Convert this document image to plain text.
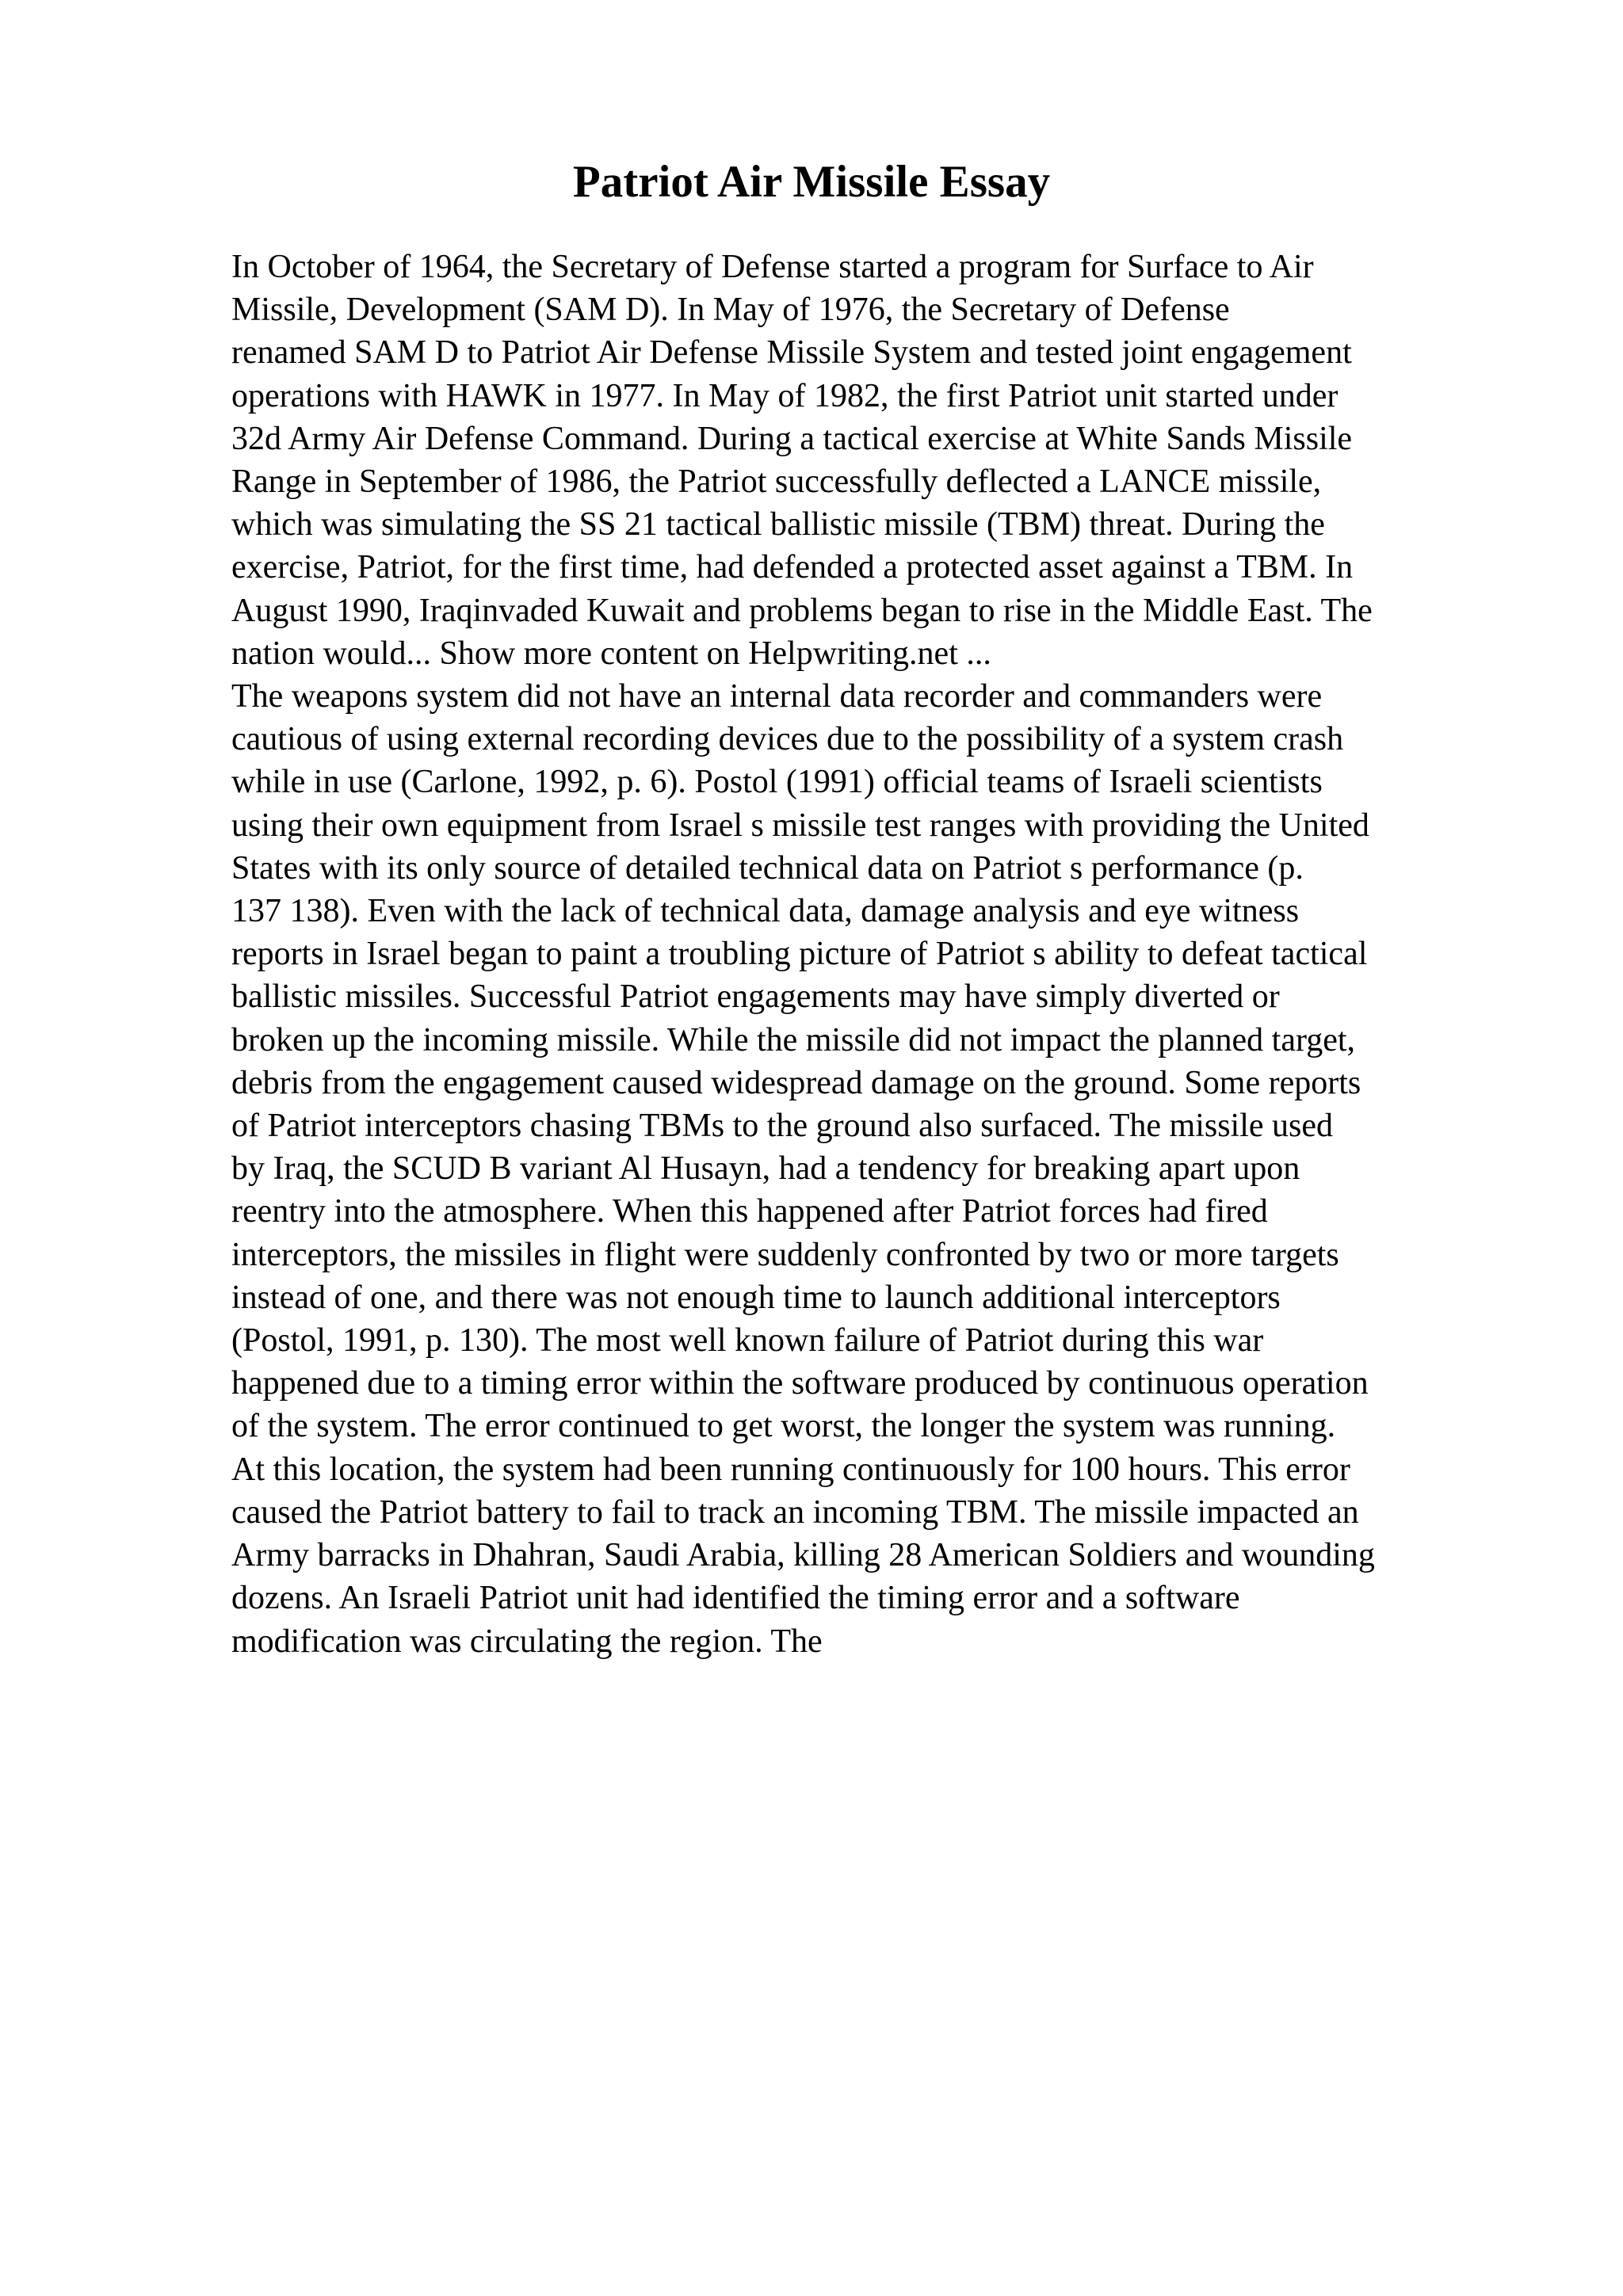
Patriot Air Missile Essay
In October of 1964, the Secretary of Defense started a program for Surface to Air
Missile, Development (SAM D). In May of 1976, the Secretary of Defense
renamed SAM D to Patriot Air Defense Missile System and tested joint engagement
operations with HAWK in 1977. In May of 1982, the first Patriot unit started under
32d Army Air Defense Command. During a tactical exercise at White Sands Missile
Range in September of 1986, the Patriot successfully deflected a LANCE missile,
which was simulating the SS 21 tactical ballistic missile (TBM) threat. During the
exercise, Patriot, for the first time, had defended a protected asset against a TBM. In
August 1990, Iraqinvaded Kuwait and problems began to rise in the Middle East. The
nation would... Show more content on Helpwriting.net ...
The weapons system did not have an internal data recorder and commanders were
cautious of using external recording devices due to the possibility of a system crash
while in use (Carlone, 1992, p. 6). Postol (1991) official teams of Israeli scientists
using their own equipment from Israel s missile test ranges with providing the United
States with its only source of detailed technical data on Patriot s performance (p.
137 138). Even with the lack of technical data, damage analysis and eye witness
reports in Israel began to paint a troubling picture of Patriot s ability to defeat tactical
ballistic missiles. Successful Patriot engagements may have simply diverted or
broken up the incoming missile. While the missile did not impact the planned target,
debris from the engagement caused widespread damage on the ground. Some reports
of Patriot interceptors chasing TBMs to the ground also surfaced. The missile used
by Iraq, the SCUD B variant Al Husayn, had a tendency for breaking apart upon
reentry into the atmosphere. When this happened after Patriot forces had fired
interceptors, the missiles in flight were suddenly confronted by two or more targets
instead of one, and there was not enough time to launch additional interceptors
(Postol, 1991, p. 130). The most well known failure of Patriot during this war
happened due to a timing error within the software produced by continuous operation
of the system. The error continued to get worst, the longer the system was running.
At this location, the system had been running continuously for 100 hours. This error
caused the Patriot battery to fail to track an incoming TBM. The missile impacted an
Army barracks in Dhahran, Saudi Arabia, killing 28 American Soldiers and wounding
dozens. An Israeli Patriot unit had identified the timing error and a software
modification was circulating the region. The
